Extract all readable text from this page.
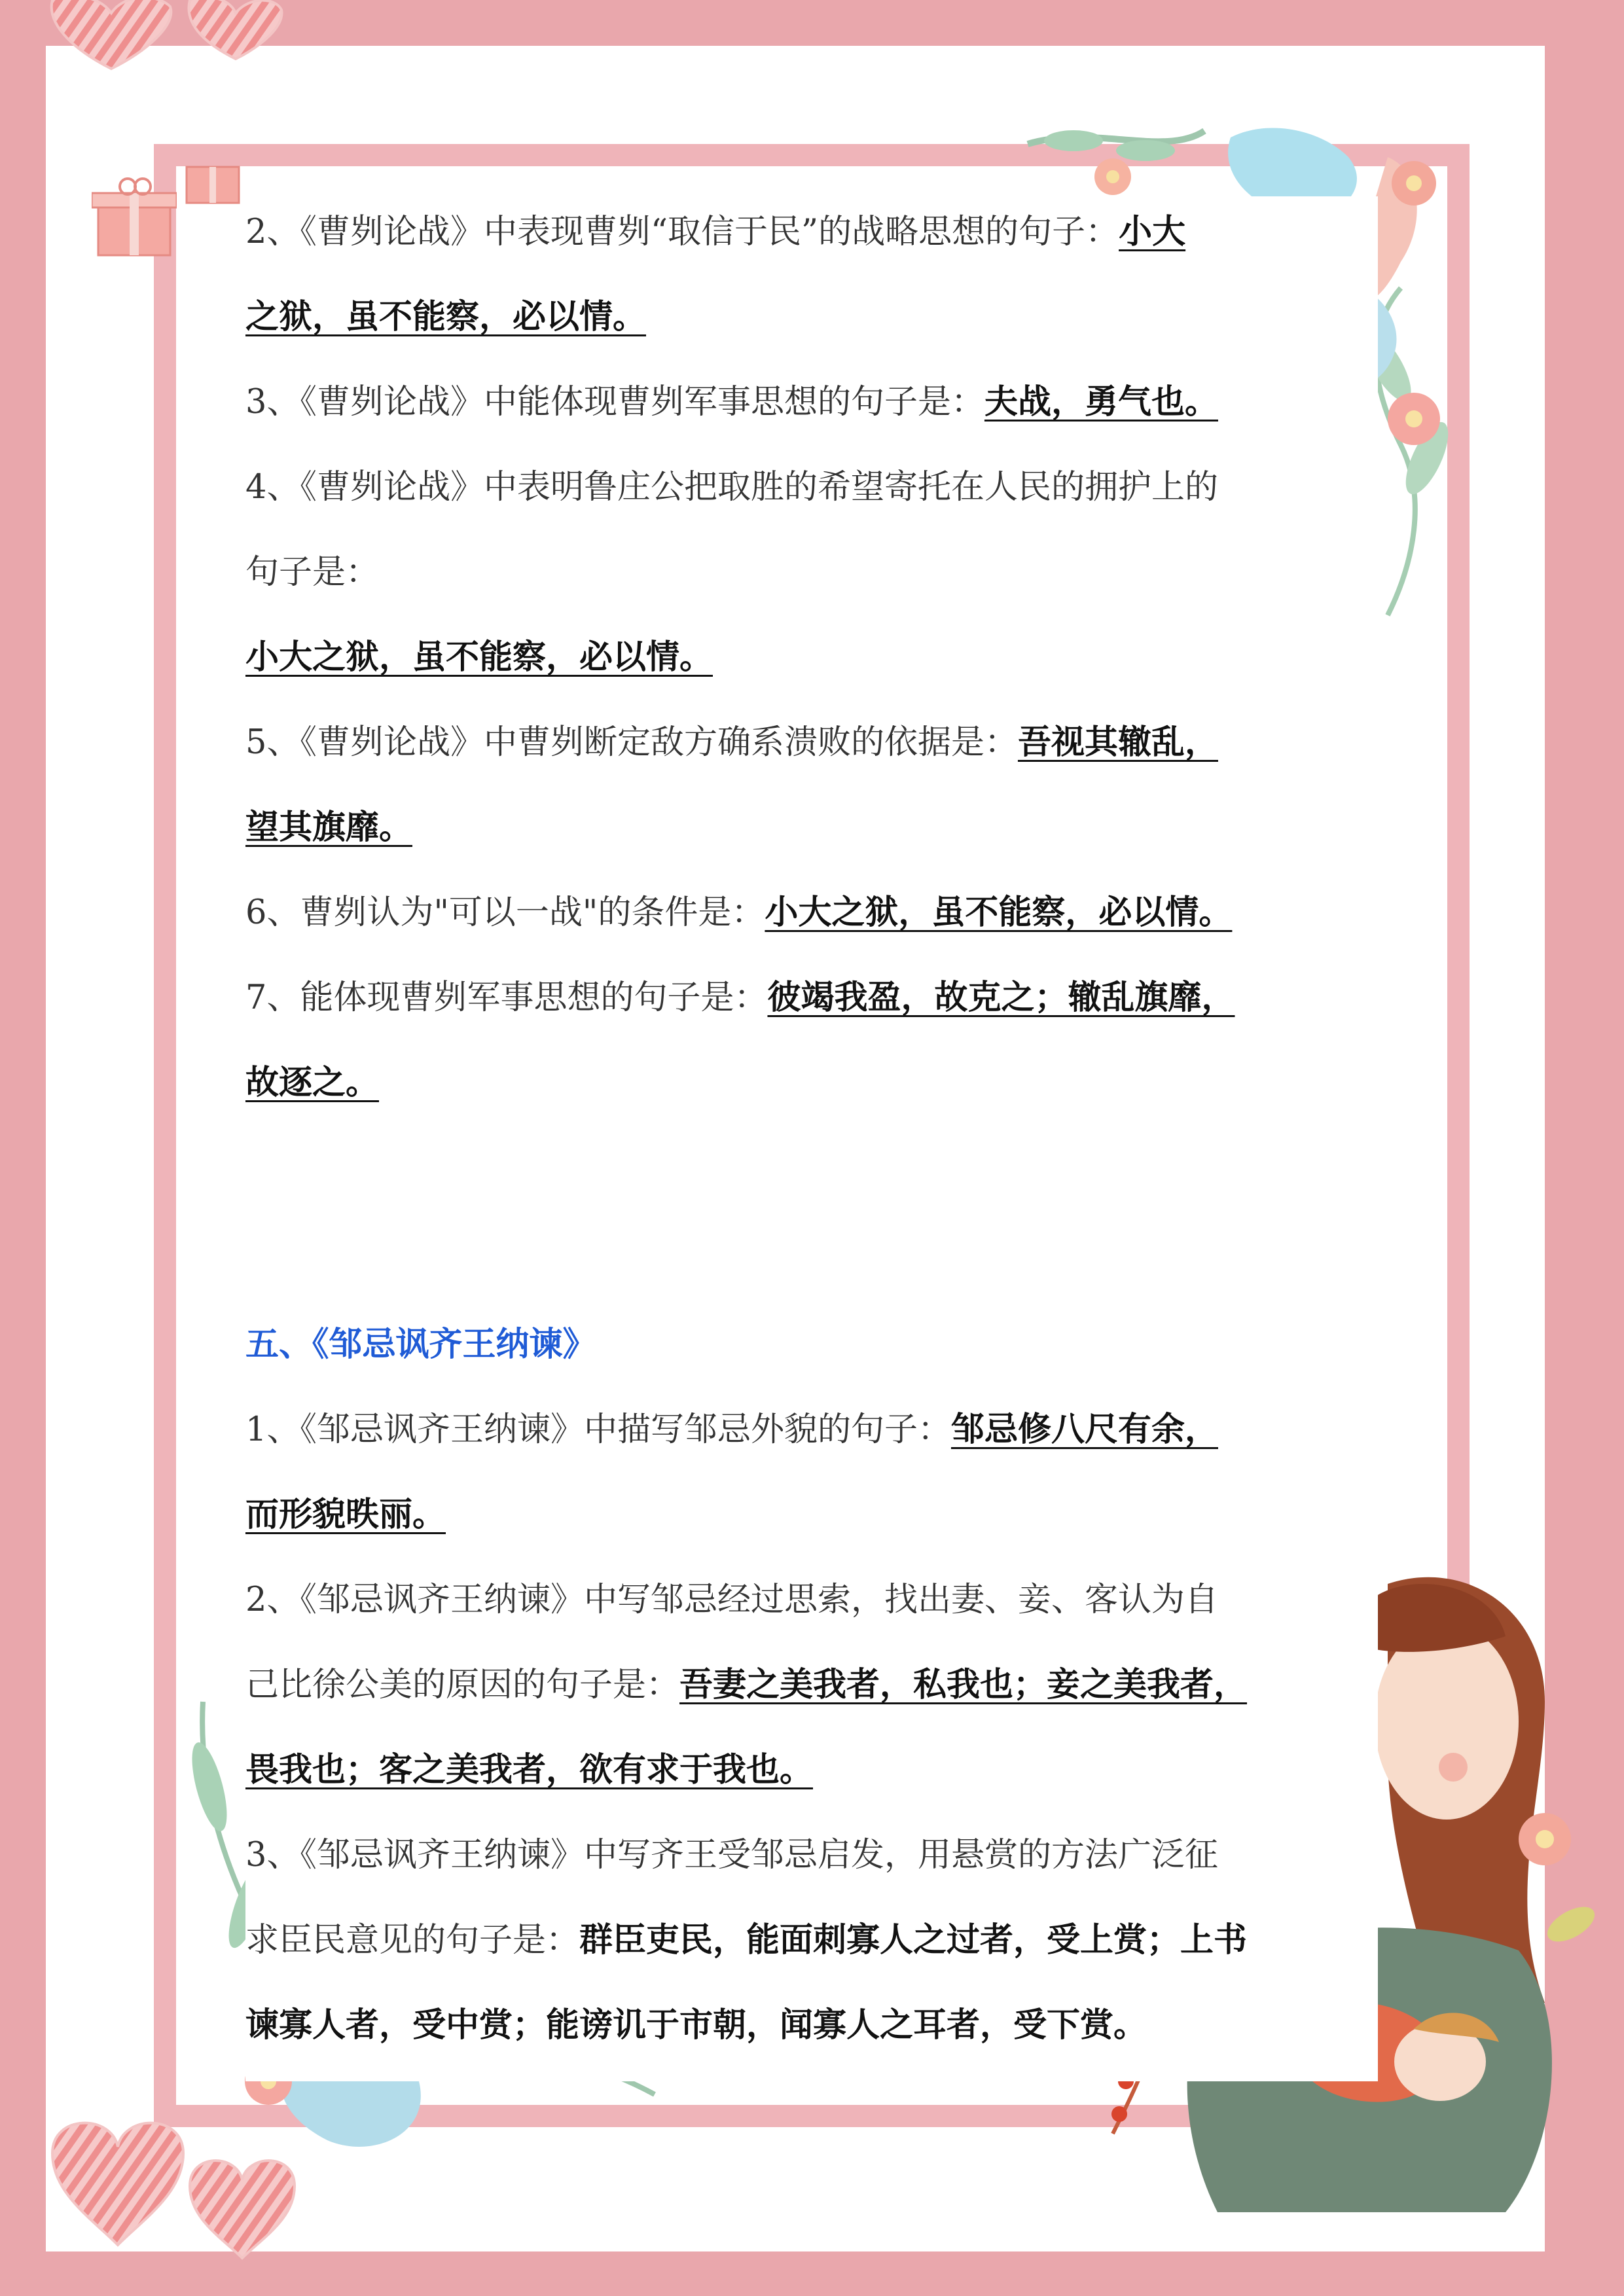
2、《曹刿论战》中表现曹刿“取信于民”的战略思想的句子：小大
之狱，虽不能察，必以情。
3、《曹刿论战》中能体现曹刿军事思想的句子是：夫战，勇气也。
4、《曹刿论战》中表明鲁庄公把取胜的希望寄托在人民的拥护上的
句子是：
小大之狱，虽不能察，必以情。
5、《曹刿论战》中曹刿断定敌方确系溃败的依据是：吾视其辙乱，
望其旗靡。
6、曹刿认为"可以一战"的条件是：小大之狱，虽不能察，必以情。
7、能体现曹刿军事思想的句子是：彼竭我盈，故克之；辙乱旗靡，
故逐之。
五、《邹忌讽齐王纳谏》
1、《邹忌讽齐王纳谏》中描写邹忌外貌的句子：邹忌修八尺有余，
而形貌昳丽。
2、《邹忌讽齐王纳谏》中写邹忌经过思索，找出妻、妾、客认为自
己比徐公美的原因的句子是：吾妻之美我者，私我也；妾之美我者，
畏我也；客之美我者，欲有求于我也。
3、《邹忌讽齐王纳谏》中写齐王受邹忌启发，用悬赏的方法广泛征
求臣民意见的句子是：群臣吏民，能面刺寡人之过者，受上赏；上书
谏寡人者，受中赏；能谤讥于市朝，闻寡人之耳者，受下赏。
